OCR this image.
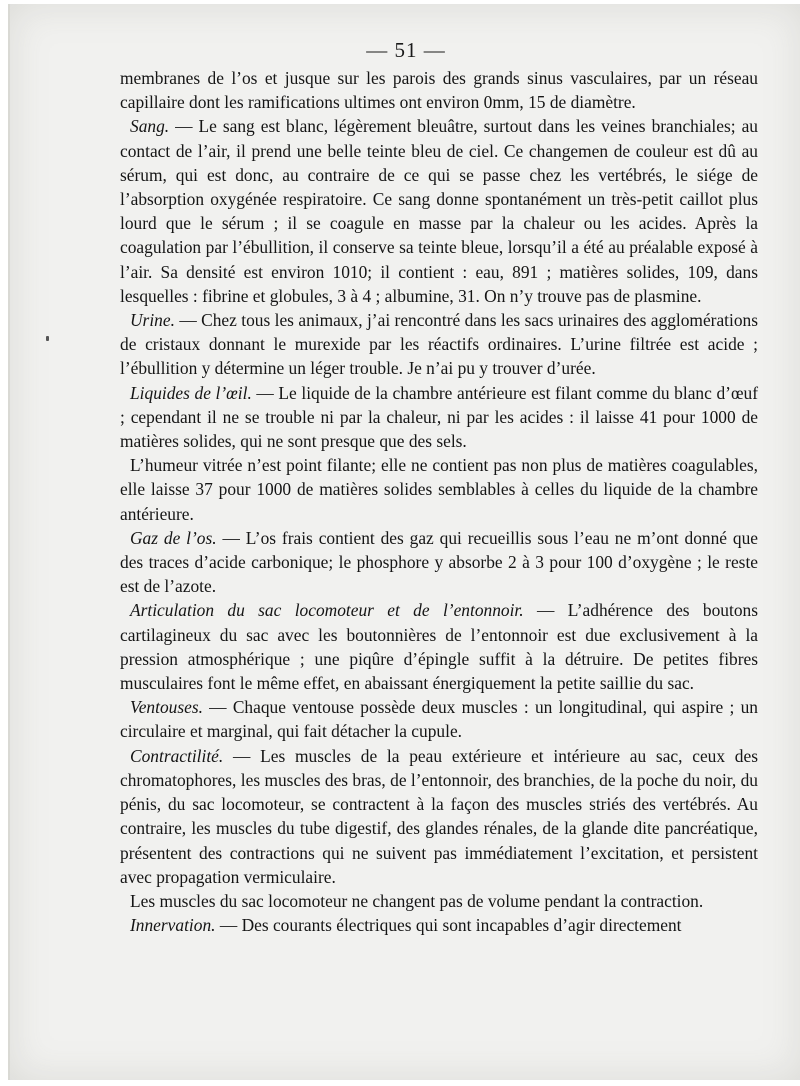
— 51 —

membranes de l’os et jusque sur les parois des grands sinus vasculaires, par un réseau capillaire dont les ramifications ultimes ont environ 0mm, 15 de diamètre.

Sang. — Le sang est blanc, légèrement bleuâtre, surtout dans les veines branchiales; au contact de l’air, il prend une belle teinte bleu de ciel. Ce changemen de couleur est dû au sérum, qui est donc, au contraire de ce qui se passe chez les vertébrés, le siége de l’absorption oxygénée respiratoire. Ce sang donne spontanément un très-petit caillot plus lourd que le sérum ; il se coagule en masse par la chaleur ou les acides. Après la coagulation par l’ébullition, il conserve sa teinte bleue, lorsqu’il a été au préalable exposé à l’air. Sa densité est environ 1010; il contient : eau, 891 ; matières solides, 109, dans lesquelles : fibrine et globules, 3 à 4 ; albumine, 31. On n’y trouve pas de plasmine.

Urine. — Chez tous les animaux, j’ai rencontré dans les sacs urinaires des agglomérations de cristaux donnant le murexide par les réactifs ordinaires. L’urine filtrée est acide ; l’ébullition y détermine un léger trouble. Je n’ai pu y trouver d’urée.

Liquides de l’œil. — Le liquide de la chambre antérieure est filant comme du blanc d’œuf ; cependant il ne se trouble ni par la chaleur, ni par les acides : il laisse 41 pour 1000 de matières solides, qui ne sont presque que des sels.

L’humeur vitrée n’est point filante; elle ne contient pas non plus de matières coagulables, elle laisse 37 pour 1000 de matières solides semblables à celles du liquide de la chambre antérieure.

Gaz de l’os. — L’os frais contient des gaz qui recueillis sous l’eau ne m’ont donné que des traces d’acide carbonique; le phosphore y absorbe 2 à 3 pour 100 d’oxygène ; le reste est de l’azote.

Articulation du sac locomoteur et de l’entonnoir. — L’adhérence des boutons cartilagineux du sac avec les boutonnières de l’entonnoir est due exclusivement à la pression atmosphérique ; une piqûre d’épingle suffit à la détruire. De petites fibres musculaires font le même effet, en abaissant énergiquement la petite saillie du sac.

Ventouses. — Chaque ventouse possède deux muscles : un longitudinal, qui aspire ; un circulaire et marginal, qui fait détacher la cupule.

Contractilité. — Les muscles de la peau extérieure et intérieure au sac, ceux des chromatophores, les muscles des bras, de l’entonnoir, des branchies, de la poche du noir, du pénis, du sac locomoteur, se contractent à la façon des muscles striés des vertébrés. Au contraire, les muscles du tube digestif, des glandes rénales, de la glande dite pancréatique, présentent des contractions qui ne suivent pas immédiatement l’excitation, et persistent avec propagation vermiculaire.

Les muscles du sac locomoteur ne changent pas de volume pendant la contraction.

Innervation. — Des courants électriques qui sont incapables d’agir directement
